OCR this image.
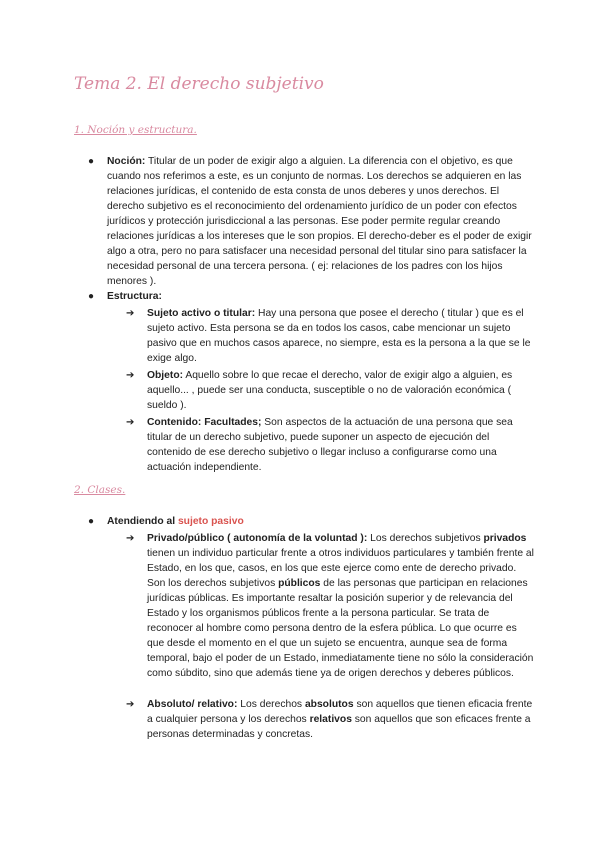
Tema 2. El derecho subjetivo
1. Noción y estructura.
● Noción: Titular de un poder de exigir algo a alguien. La diferencia con el objetivo, es que cuando nos referimos a este, es un conjunto de normas. Los derechos se adquieren en las relaciones jurídicas, el contenido de esta consta de unos deberes y unos derechos. El derecho subjetivo es el reconocimiento del ordenamiento jurídico de un poder con efectos jurídicos y protección jurisdiccional a las personas. Ese poder permite regular creando relaciones jurídicas a los intereses que le son propios. El derecho-deber es el poder de exigir algo a otra, pero no para satisfacer una necesidad personal del titular sino para satisfacer la necesidad personal de una tercera persona. ( ej: relaciones de los padres con los hijos menores ).
● Estructura:
➔ Sujeto activo o titular: Hay una persona que posee el derecho ( titular ) que es el sujeto activo. Esta persona se da en todos los casos, cabe mencionar un sujeto pasivo que en muchos casos aparece, no siempre, esta es la persona a la que se le exige algo.
➔ Objeto: Aquello sobre lo que recae el derecho, valor de exigir algo a alguien, es aquello... , puede ser una conducta, susceptible o no de valoración económica ( sueldo ).
➔ Contenido: Facultades; Son aspectos de la actuación de una persona que sea titular de un derecho subjetivo, puede suponer un aspecto de ejecución del contenido de ese derecho subjetivo o llegar incluso a configurarse como una actuación independiente.
2. Clases.
● Atendiendo al sujeto pasivo
➔ Privado/público ( autonomía de la voluntad ): Los derechos subjetivos privados tienen un individuo particular frente a otros individuos particulares y también frente al Estado, en los que, casos, en los que este ejerce como ente de derecho privado. Son los derechos subjetivos públicos de las personas que participan en relaciones jurídicas públicas. Es importante resaltar la posición superior y de relevancia del Estado y los organismos públicos frente a la persona particular. Se trata de reconocer al hombre como persona dentro de la esfera pública. Lo que ocurre es que desde el momento en el que un sujeto se encuentra, aunque sea de forma temporal, bajo el poder de un Estado, inmediatamente tiene no sólo la consideración como súbdito, sino que además tiene ya de origen derechos y deberes públicos.
➔ Absoluto/ relativo: Los derechos absolutos son aquellos que tienen eficacia frente a cualquier persona y los derechos relativos son aquellos que son eficaces frente a personas determinadas y concretas.
